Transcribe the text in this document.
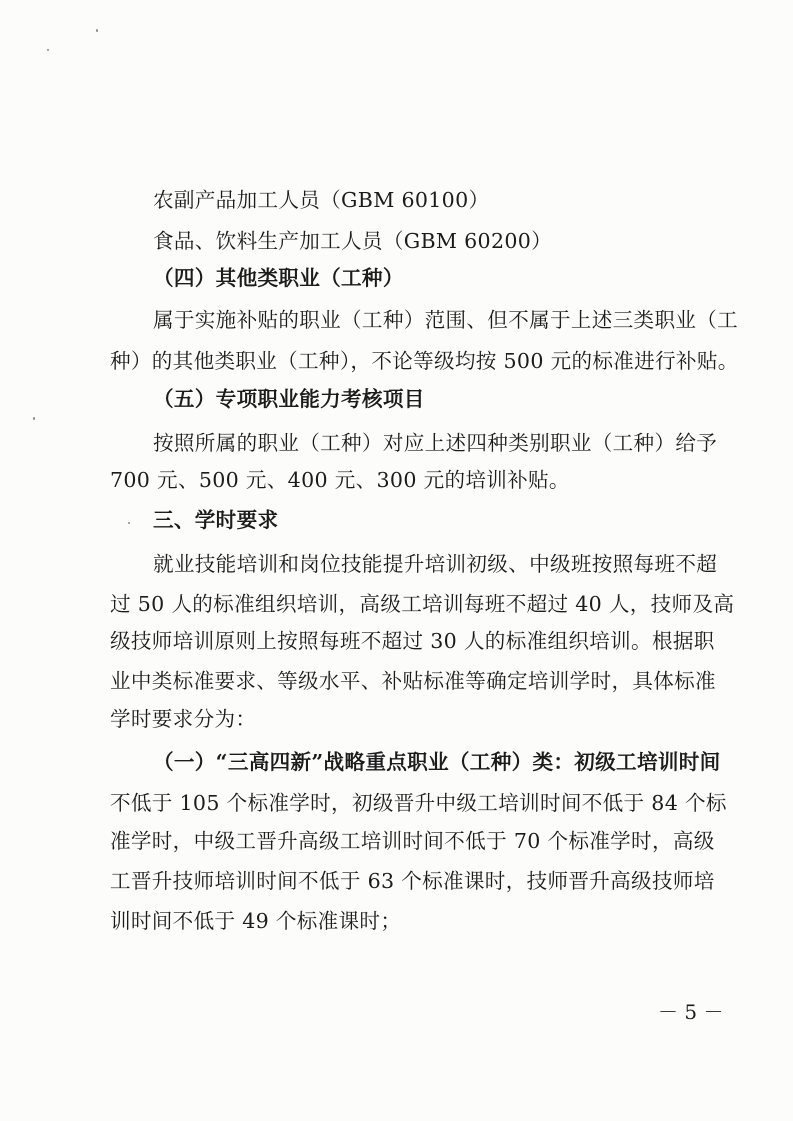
农副产品加工人员（GBM 60100）
食品、饮料生产加工人员（GBM 60200）
（四）其他类职业（工种）
属于实施补贴的职业（工种）范围、但不属于上述三类职业（工
种）的其他类职业（工种），不论等级均按 500 元的标准进行补贴。
（五）专项职业能力考核项目
按照所属的职业（工种）对应上述四种类别职业（工种）给予
700 元、500 元、400 元、300 元的培训补贴。
三、学时要求
就业技能培训和岗位技能提升培训初级、中级班按照每班不超
过 50 人的标准组织培训，高级工培训每班不超过 40 人，技师及高
级技师培训原则上按照每班不超过 30 人的标准组织培训。根据职
业中类标准要求、等级水平、补贴标准等确定培训学时，具体标准
学时要求分为：
（一）“三高四新”战略重点职业（工种）类：初级工培训时间
不低于 105 个标准学时，初级晋升中级工培训时间不低于 84 个标
准学时，中级工晋升高级工培训时间不低于 70 个标准学时，高级
工晋升技师培训时间不低于 63 个标准课时，技师晋升高级技师培
训时间不低于 49 个标准课时；
－ 5 －
